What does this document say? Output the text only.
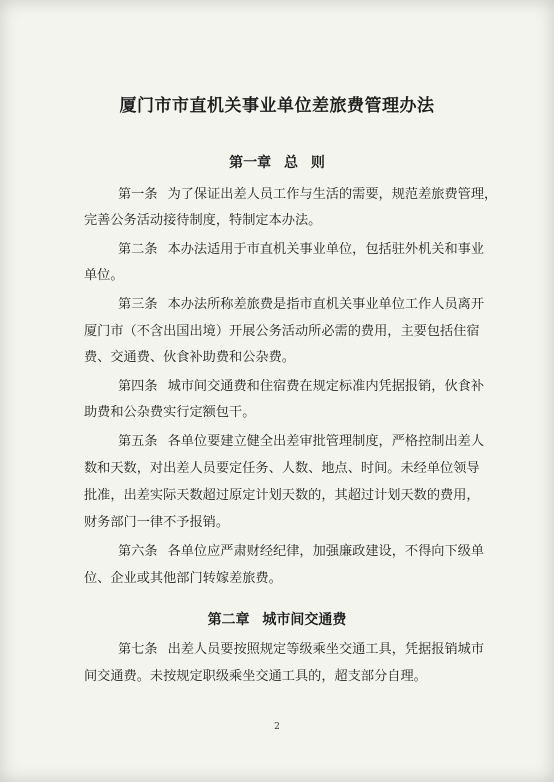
厦门市市直机关事业单位差旅费管理办法
第一章 总 则
第一条 为了保证出差人员工作与生活的需要，规范差旅费管理，
完善公务活动接待制度，特制定本办法。
第二条 本办法适用于市直机关事业单位，包括驻外机关和事业
单位。
第三条 本办法所称差旅费是指市直机关事业单位工作人员离开
厦门市（不含出国出境）开展公务活动所必需的费用，主要包括住宿
费、交通费、伙食补助费和公杂费。
第四条 城市间交通费和住宿费在规定标准内凭据报销，伙食补
助费和公杂费实行定额包干。
第五条 各单位要建立健全出差审批管理制度，严格控制出差人
数和天数，对出差人员要定任务、人数、地点、时间。未经单位领导
批准，出差实际天数超过原定计划天数的，其超过计划天数的费用，
财务部门一律不予报销。
第六条 各单位应严肃财经纪律，加强廉政建设，不得向下级单
位、企业或其他部门转嫁差旅费。
第二章 城市间交通费
第七条 出差人员要按照规定等级乘坐交通工具，凭据报销城市
间交通费。未按规定职级乘坐交通工具的，超支部分自理。
2
